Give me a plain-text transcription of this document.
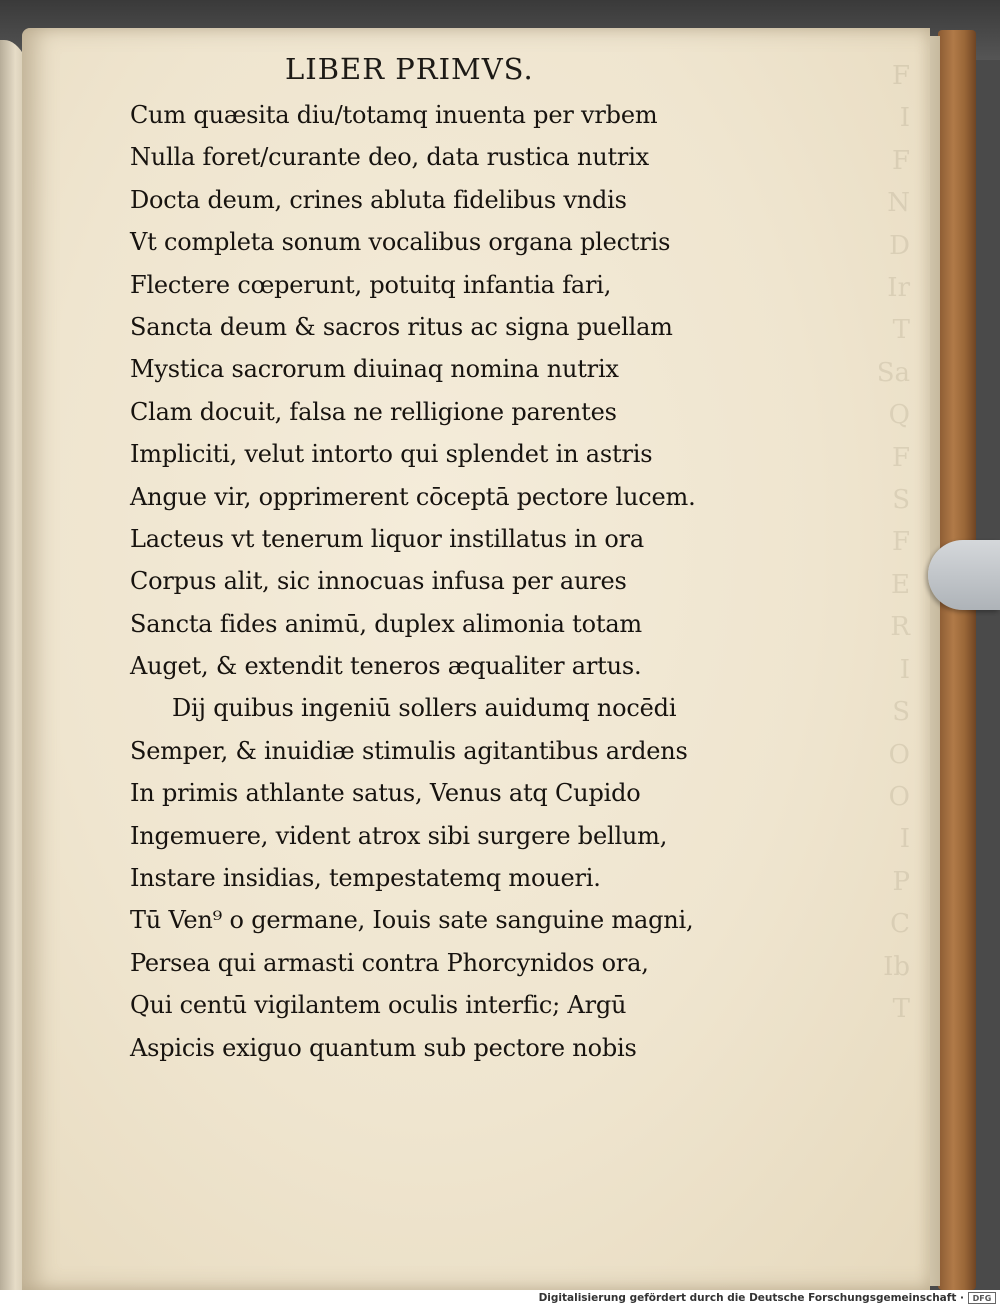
LIBER PRIMVS.
Cum quæsita diu/totamq inuenta per vrbem
Nulla foret/curante deo, data rustica nutrix
Docta deum, crines abluta fidelibus vndis
Vt completa sonum vocalibus organa plectris
Flectere cœperunt, potuitq infantia fari,
Sancta deum & sacros ritus ac signa puellam
Mystica sacrorum diuinaq nomina nutrix
Clam docuit, falsa ne relligione parentes
Impliciti, velut intorto qui splendet in astris
Angue vir, opprimerent cōceptā pectore lucem.
Lacteus vt tenerum liquor instillatus in ora
Corpus alit, sic innocuas infusa per aures
Sancta fides animū, duplex alimonia totam
Auget, & extendit teneros æqualiter artus.
Dij quibus ingeniū sollers auidumq nocēdi
Semper, & inuidiæ stimulis agitantibus ardens
In primis athlante satus, Venus atq Cupido
Ingemuere, vident atrox sibi surgere bellum,
Instare insidias, tempestatemq moueri.
Tū Ven⁹ o germane, Iouis sate sanguine magni,
Persea qui armasti contra Phorcynidos ora,
Qui centū vigilantem oculis interfic; Argū
Aspicis exiguo quantum sub pectore nobis
Digitalisierung gefördert durch die Deutsche Forschungsgemeinschaft ·	DFG
